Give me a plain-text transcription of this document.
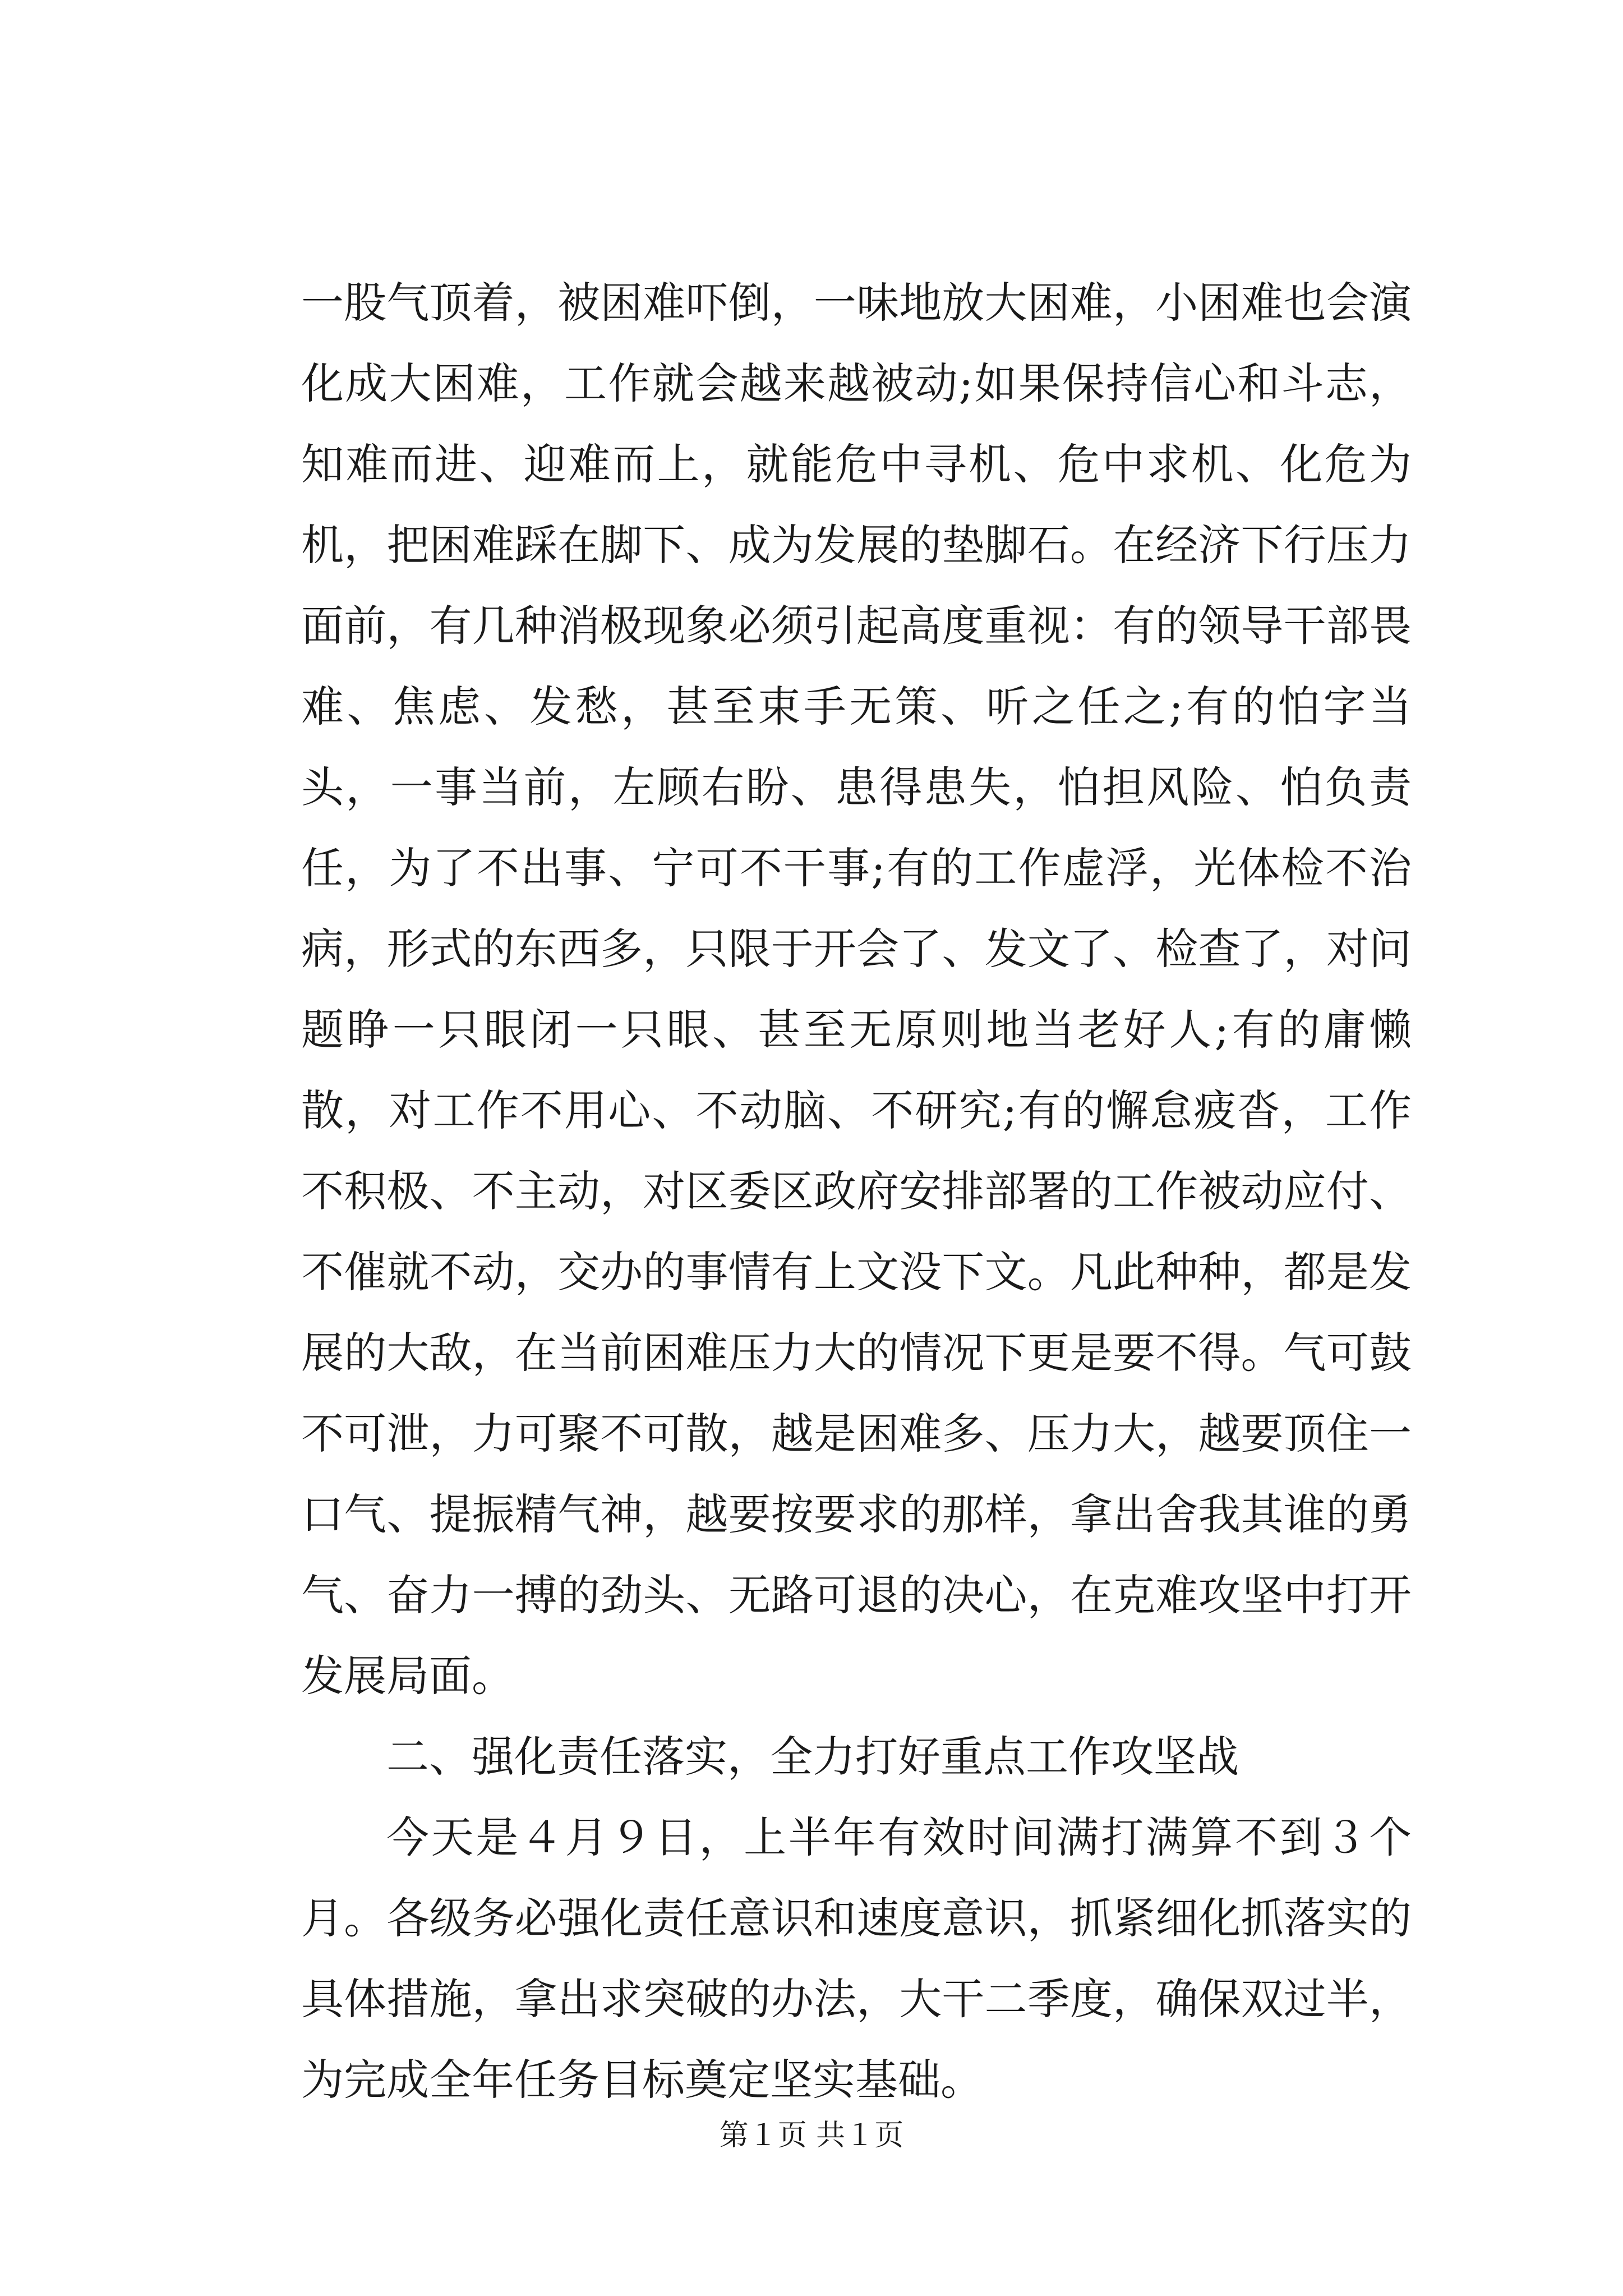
一股气顶着，被困难吓倒，一味地放大困难，小困难也会演化成大困难，工作就会越来越被动;如果保持信心和斗志，知难而进、迎难而上，就能危中寻机、危中求机、化危为机，把困难踩在脚下、成为发展的垫脚石。在经济下行压力面前，有几种消极现象必须引起高度重视：有的领导干部畏难、焦虑、发愁，甚至束手无策、听之任之;有的怕字当头，一事当前，左顾右盼、患得患失，怕担风险、怕负责任，为了不出事、宁可不干事;有的工作虚浮，光体检不治病，形式的东西多，只限于开会了、发文了、检查了，对问题睁一只眼闭一只眼、甚至无原则地当老好人;有的庸懒散，对工作不用心、不动脑、不研究;有的懈怠疲沓，工作不积极、不主动，对区委区政府安排部署的工作被动应付、不催就不动，交办的事情有上文没下文。凡此种种，都是发展的大敌，在当前困难压力大的情况下更是要不得。气可鼓不可泄，力可聚不可散，越是困难多、压力大，越要顶住一口气、提振精气神，越要按要求的那样，拿出舍我其谁的勇气、奋力一搏的劲头、无路可退的决心，在克难攻坚中打开发展局面。

二、强化责任落实，全力打好重点工作攻坚战

今天是４月９日，上半年有效时间满打满算不到３个月。各级务必强化责任意识和速度意识，抓紧细化抓落实的具体措施，拿出求突破的办法，大干二季度，确保双过半，为完成全年任务目标奠定坚实基础。

第１页 共１页
